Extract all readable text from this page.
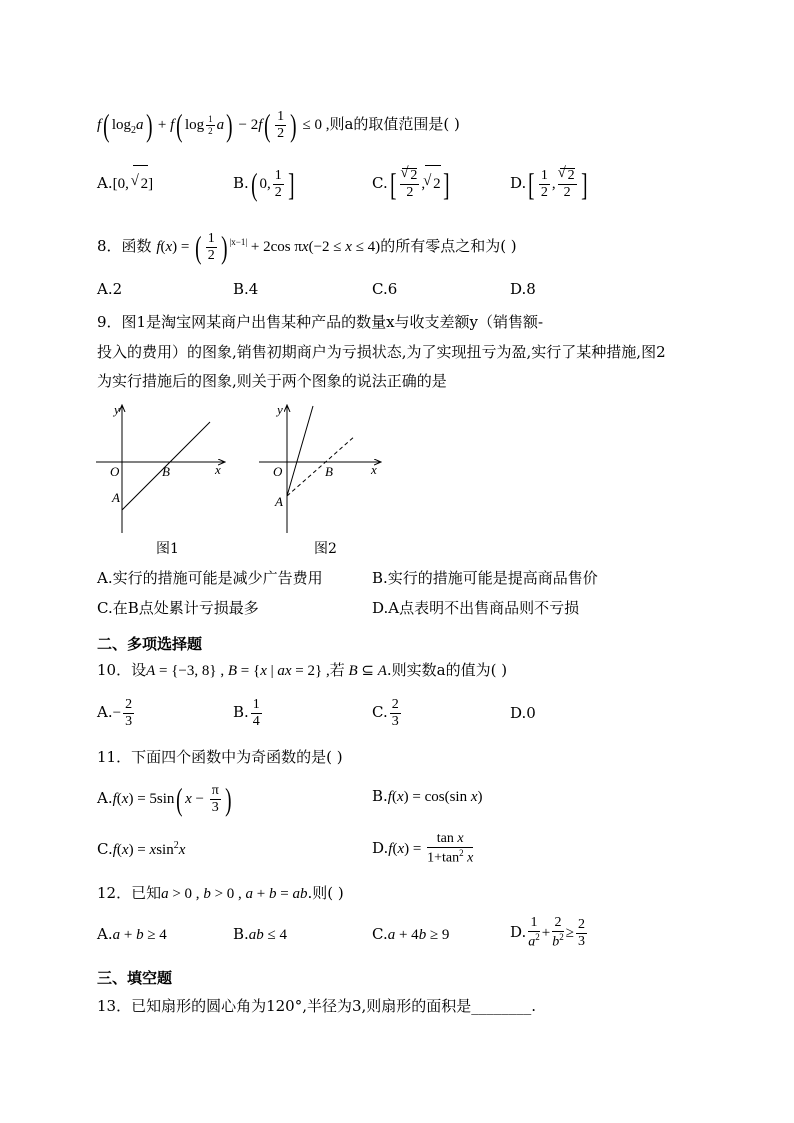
f( $\log_2a) + f$( $\log \frac{1}{2} a) - 2f( \frac{1}{2}$ ) ≤ 0 ,则a的取值范围是( )
A.[0, √ 2]	B.( 0, $\frac{1}{2}$ ]	C.[ √ $\frac{2}{2}$ , √ 2]	$D.[ \frac{1}{2}$ , √ $\frac{2}{2}$ ]
8．函数 f(x) = ( $\frac{1}{2}$ ) $^{|x-1|}$ + 2cos πx(−2 ≤ x ≤ 4)的所有零点之和为( )
A.2	B.4	C.6	D.8
9．图1是淘宝网某商户出售某种产品的数量x与收支差额y（销售额-
投入的费用）的图象,销售初期商户为亏损状态,为了实现扭亏为盈,实行了某种措施,图2
为实行措施后的图象,则关于两个图象的说法正确的是
y
x
O
A
B
图1
y
x
O
A
B
图2
A.实行的措施可能是减少广告费用	B.实行的措施可能是提高商品售价
C.在B点处累计亏损最多	D.A点表明不出售商品则不亏损
二、多项选择题
10．设A = {−3, 8} , B = {x | ax = 2} ,若 B ⊆ A.则实数a的值为( )
$A.- \frac{2}{3}$	B. $\frac{1}{4}$	C. $\frac{2}{3}$	D.0
11．下面四个函数中为奇函数的是( )
A.f(x) = 5sin( $x - \frac{\pi}{3}$ )	B.f(x) = cos(sin x)
C.f(x) = xsin$^2$x	$D.f(x) = \frac{\text{tan x}}{1+\tan^2 x}$
12．已知a > 0 , b > 0 , a + b = ab.则( )
A.a + b ≥ 4	B.ab ≤ 4	C.a + 4b ≥ 9	D. $\frac{1}{a^2} + \frac{2}{b^2} \ge \frac{2}{3}$
三、填空题
13．已知扇形的圆心角为120°,半径为3,则扇形的面积是________.
